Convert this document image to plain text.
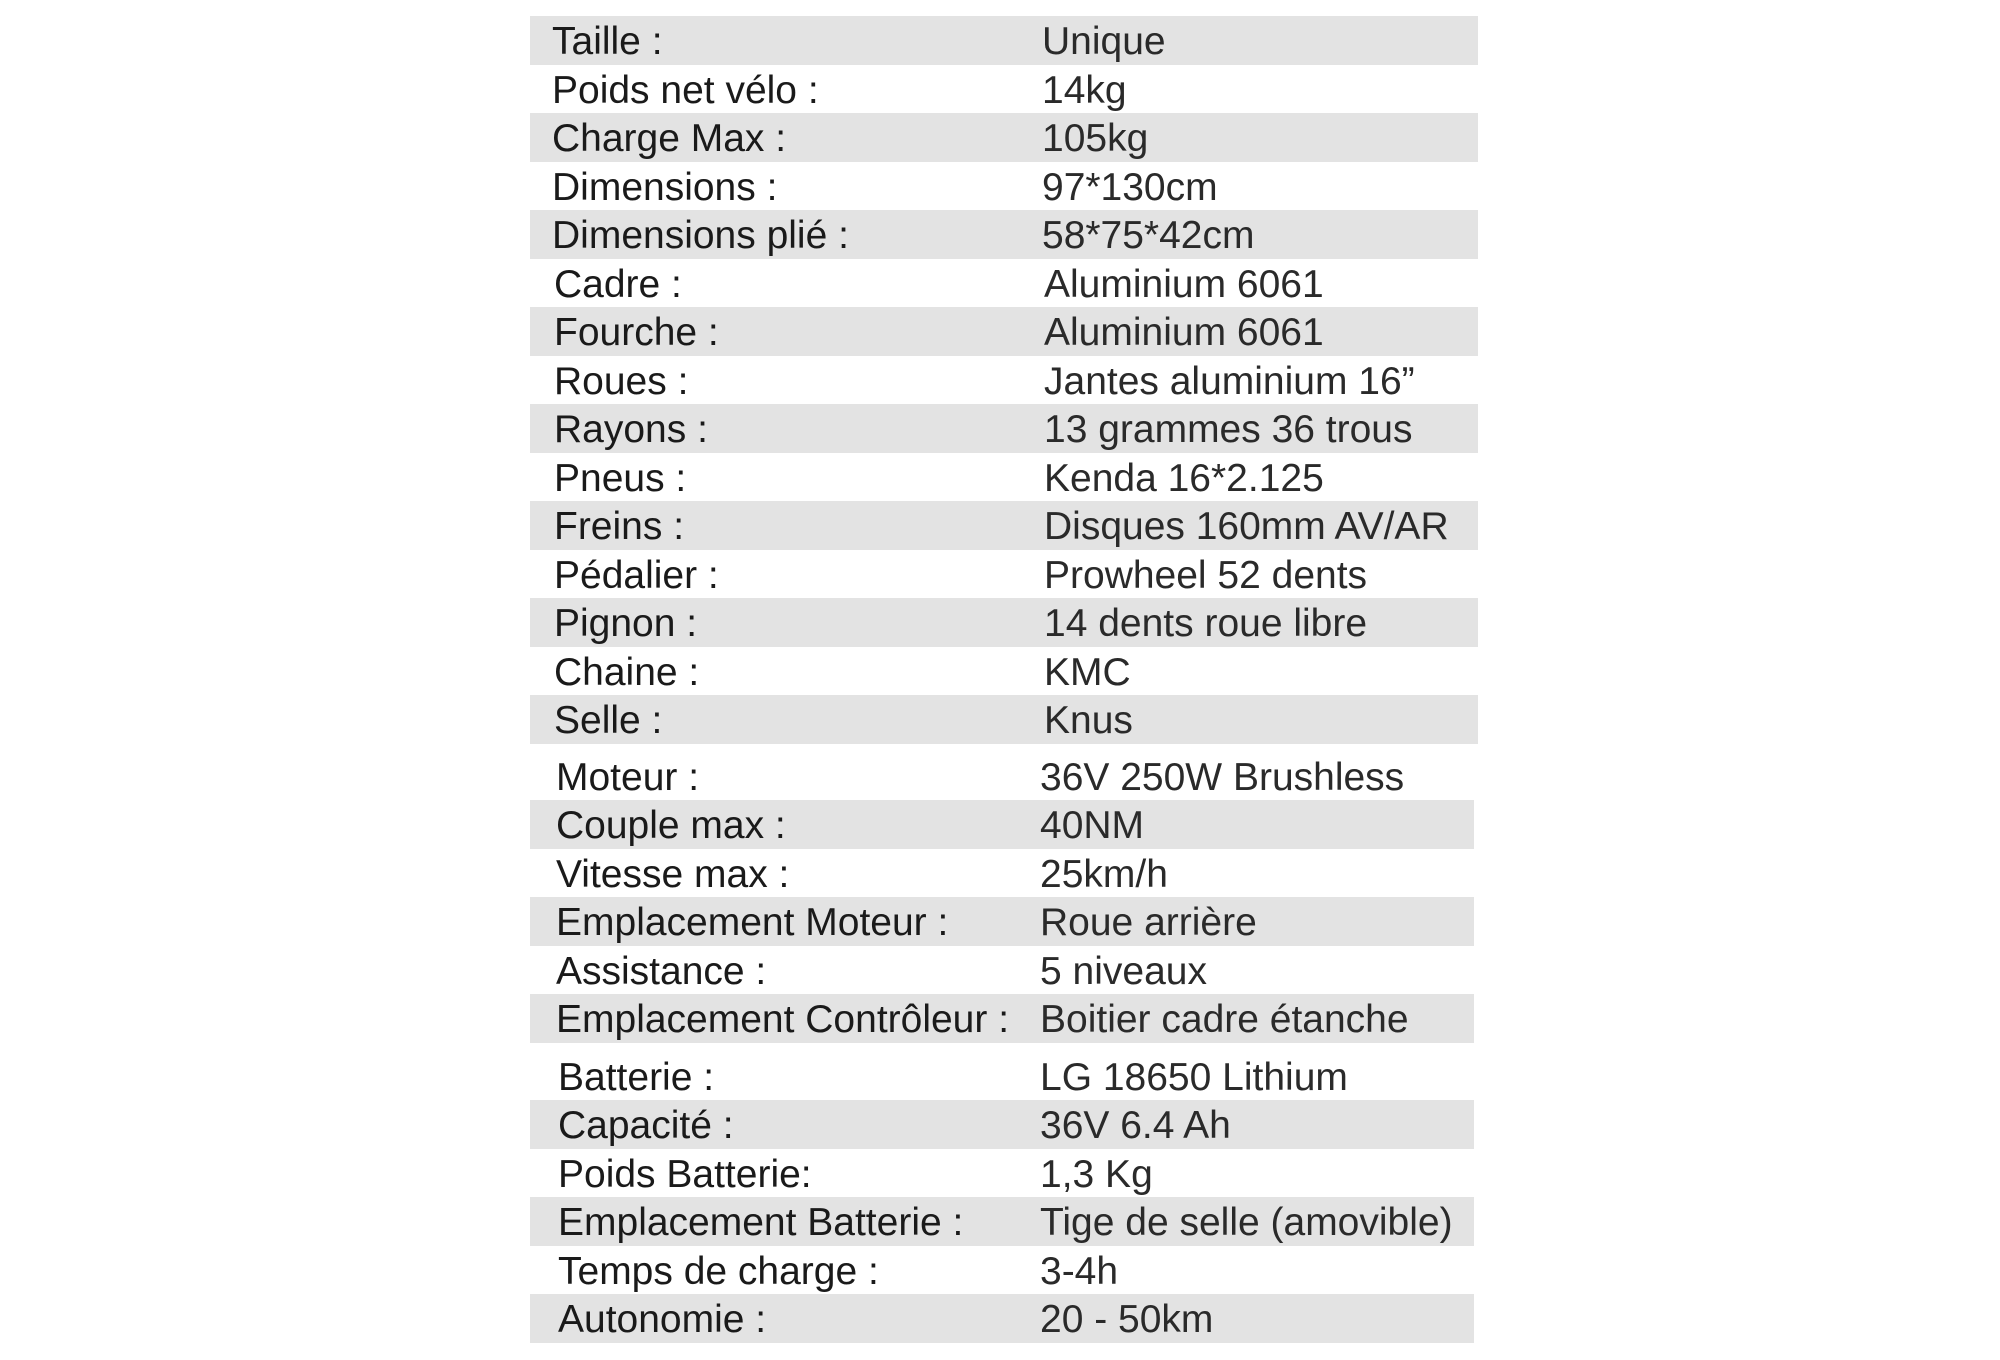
Taille :	Unique
Poids net vélo :	14kg
Charge Max :	105kg
Dimensions :	97*130cm
Dimensions plié :	58*75*42cm
Cadre :	Aluminium 6061
Fourche :	Aluminium 6061
Roues :	Jantes aluminium 16”
Rayons :	13 grammes 36 trous
Pneus :	Kenda 16*2.125
Freins :	Disques 160mm AV/AR
Pédalier :	Prowheel 52 dents
Pignon :	14 dents roue libre
Chaine :	KMC
Selle :	Knus
Moteur :	36V 250W Brushless
Couple max :	40NM
Vitesse max :	25km/h
Emplacement Moteur : Roue arrière
Assistance :	5 niveaux
Emplacement Contrôleur : Boitier cadre étanche
Batterie :	LG 18650 Lithium
Capacité :	36V 6.4 Ah
Poids Batterie:	1,3 Kg
Emplacement Batterie : Tige de selle (amovible)
Temps de charge :	3-4h
Autonomie :	20 - 50km
